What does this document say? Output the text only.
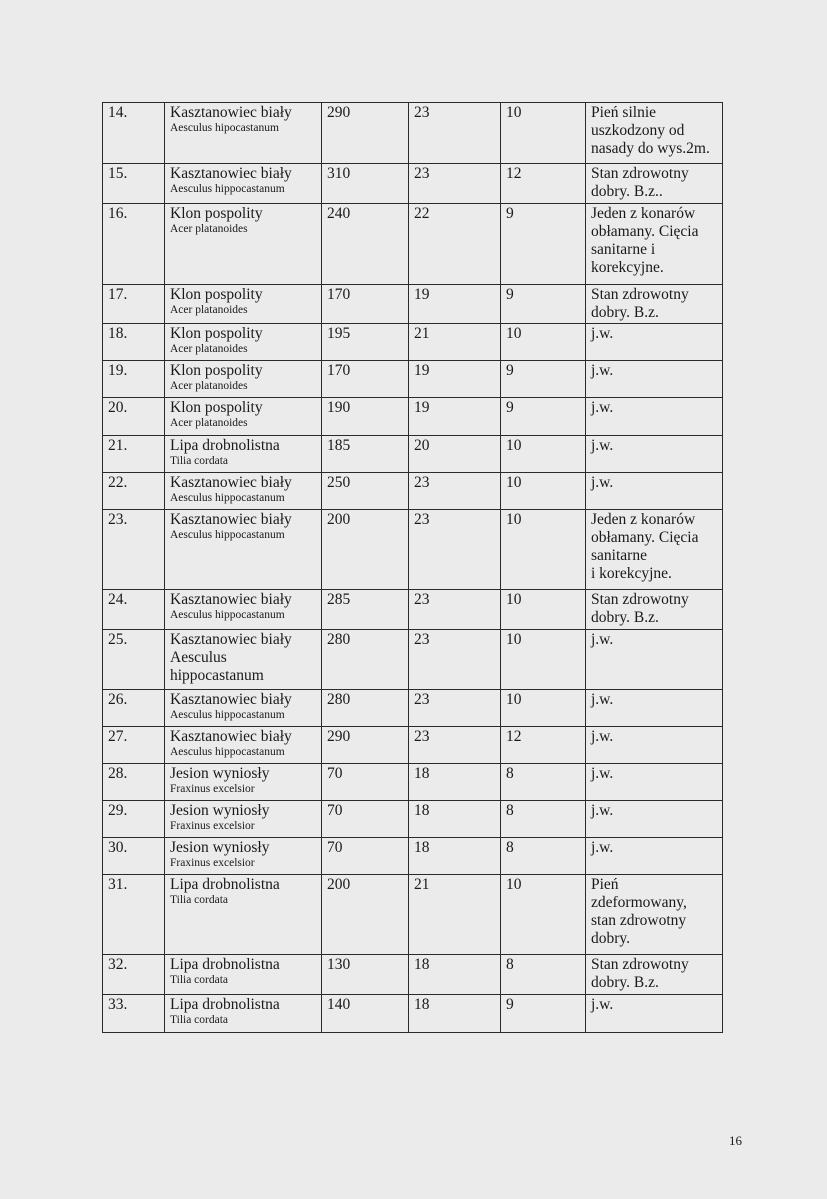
14.	Kasztanowiec biały
Aesculus hipocastanum	290	23	10	Pień silnie
uszkodzony od
nasady do wys.2m.
15.	Kasztanowiec biały
Aesculus hippocastanum	310	23	12	Stan zdrowotny
dobry. B.z..
16.	Klon pospolity
Acer platanoides	240	22	9	Jeden z konarów
obłamany. Cięcia
sanitarne i
korekcyjne.
17.	Klon pospolity
Acer platanoides	170	19	9	Stan zdrowotny
dobry. B.z.
18.	Klon pospolity
Acer platanoides	195	21	10	j.w.
19.	Klon pospolity
Acer platanoides	170	19	9	j.w.
20.	Klon pospolity
Acer platanoides	190	19	9	j.w.
21.	Lipa drobnolistna
Tilia cordata	185	20	10	j.w.
22.	Kasztanowiec biały
Aesculus hippocastanum	250	23	10	j.w.
23.	Kasztanowiec biały
Aesculus hippocastanum	200	23	10	Jeden z konarów
obłamany. Cięcia
sanitarne
i korekcyjne.
24.	Kasztanowiec biały
Aesculus hippocastanum	285	23	10	Stan zdrowotny
dobry. B.z.
25.	Kasztanowiec biały
Aesculus
hippocastanum	280	23	10	j.w.
26.	Kasztanowiec biały
Aesculus hippocastanum	280	23	10	j.w.
27.	Kasztanowiec biały
Aesculus hippocastanum	290	23	12	j.w.
28.	Jesion wyniosły
Fraxinus excelsior	70	18	8	j.w.
29.	Jesion wyniosły
Fraxinus excelsior	70	18	8	j.w.
30.	Jesion wyniosły
Fraxinus excelsior	70	18	8	j.w.
31.	Lipa drobnolistna
Tilia cordata	200	21	10	Pień
zdeformowany,
stan zdrowotny
dobry.
32.	Lipa drobnolistna
Tilia cordata	130	18	8	Stan zdrowotny
dobry. B.z.
33.	Lipa drobnolistna
Tilia cordata	140	18	9	j.w.
16
